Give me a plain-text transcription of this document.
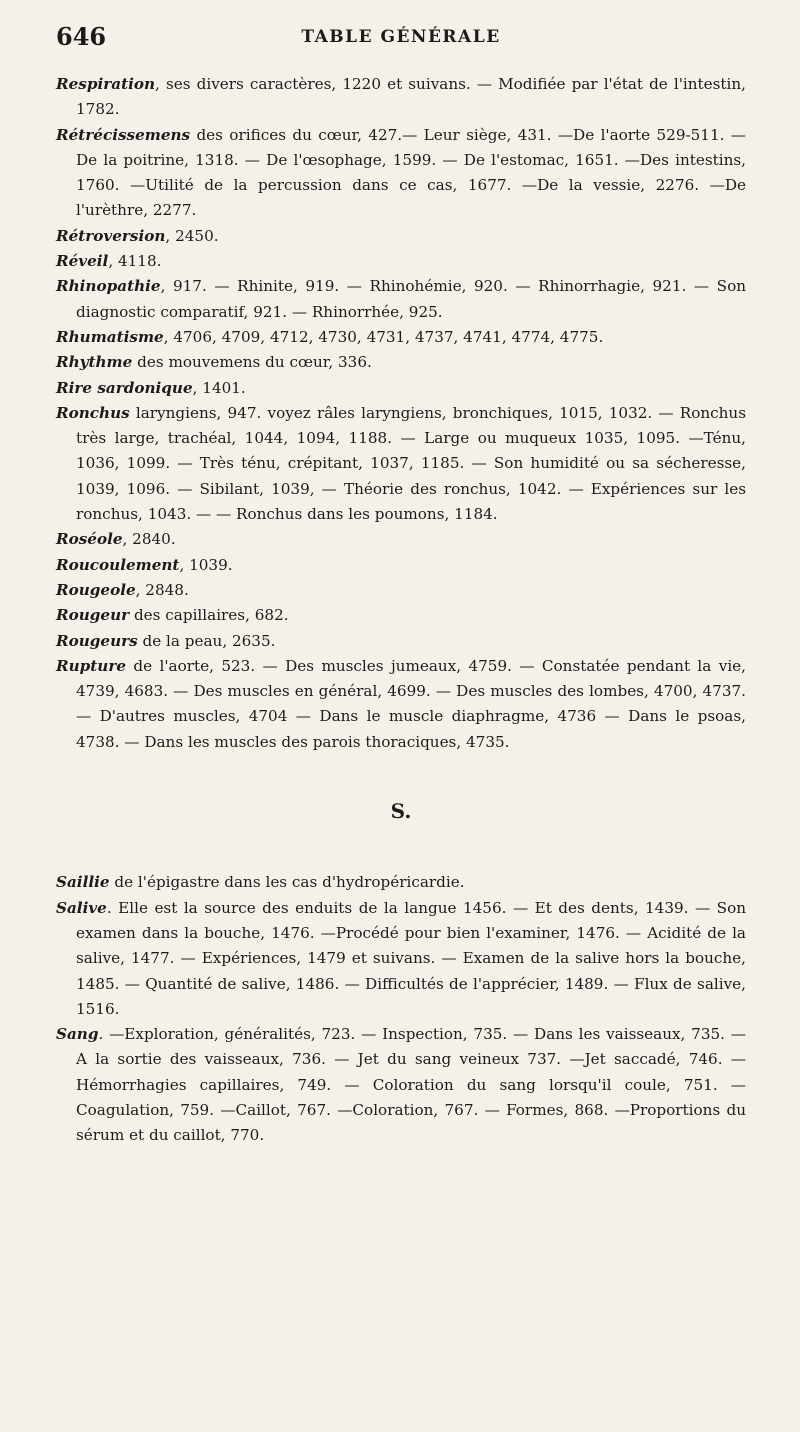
646	TABLE GÉNÉRALE

Respiration, ses divers caractères, 1220 et suivans. — Modifiée par l'état de l'intestin, 1782.

Rétrécissemens des orifices du cœur, 427.— Leur siège, 431. —De l'aorte 529-511. —De la poitrine, 1318. — De l'œsophage, 1599. — De l'estomac, 1651. —Des intestins, 1760. —Utilité de la percussion dans ce cas, 1677. —De la vessie, 2276. —De l'urèthre, 2277.

Rétroversion, 2450.

Réveil, 4118.

Rhinopathie, 917. — Rhinite, 919. — Rhinohémie, 920. — Rhinorrhagie, 921. — Son diagnostic comparatif, 921. — Rhinorrhée, 925.

Rhumatisme, 4706, 4709, 4712, 4730, 4731, 4737, 4741, 4774, 4775.

Rhythme des mouvemens du cœur, 336.

Rire sardonique, 1401.

Ronchus laryngiens, 947. voyez râles laryngiens, bronchiques, 1015, 1032. — Ronchus très large, trachéal, 1044, 1094, 1188. — Large ou muqueux 1035, 1095. —Ténu, 1036, 1099. — Très ténu, crépitant, 1037, 1185. — Son humidité ou sa sécheresse, 1039, 1096. — Sibilant, 1039, — Théorie des ronchus, 1042. — Expériences sur les ronchus, 1043. — — Ronchus dans les poumons, 1184.

Roséole, 2840.

Roucoulement, 1039.

Rougeole, 2848.

Rougeur des capillaires, 682.

Rougeurs de la peau, 2635.

Rupture de l'aorte, 523. — Des muscles jumeaux, 4759. — Constatée pendant la vie, 4739, 4683. — Des muscles en général, 4699. — Des muscles des lombes, 4700, 4737. — D'autres muscles, 4704 — Dans le muscle diaphragme, 4736 — Dans le psoas, 4738. — Dans les muscles des parois thoraciques, 4735.

S.

Saillie de l'épigastre dans les cas d'hydropéricardie.

Salive. Elle est la source des enduits de la langue 1456. — Et des dents, 1439. — Son examen dans la bouche, 1476. —Procédé pour bien l'examiner, 1476. — Acidité de la salive, 1477. — Expériences, 1479 et suivans. — Examen de la salive hors la bouche, 1485. — Quantité de salive, 1486. — Difficultés de l'apprécier, 1489. — Flux de salive, 1516.

Sang. —Exploration, généralités, 723. — Inspection, 735. — Dans les vaisseaux, 735. — A la sortie des vaisseaux, 736. — Jet du sang veineux 737. —Jet saccadé, 746. —Hémorrhagies capillaires, 749. — Coloration du sang lorsqu'il coule, 751. —Coagulation, 759. —Caillot, 767. —Coloration, 767. — Formes, 868. —Proportions du sérum et du caillot, 770.
